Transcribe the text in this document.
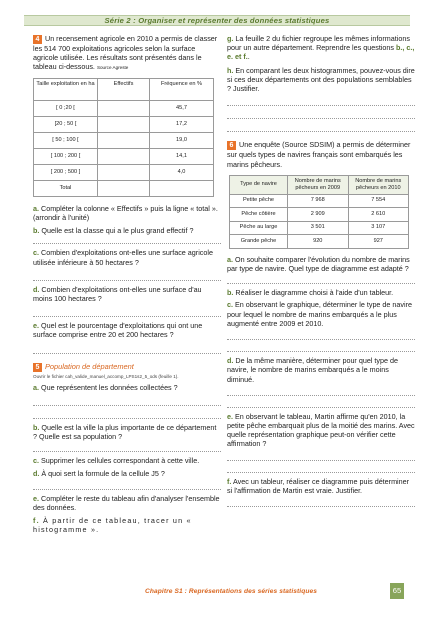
Série 2 : Organiser et représenter des données statistiques

4 Un recensement agricole en 2010 a permis de classer les 514 700 exploitations agricoles selon la surface agricole utilisée. Les résultats sont présentés dans le tableau ci-dessous. Source Agreste

Taille exploitation en ha	Effectifs	Fréquence en %
[ 0 ;20 [		45,7
[20 ; 50 [		17,2
[ 50 ; 100 [		19,0
[ 100 ; 200 [		14,1
[ 200 ; 500 ]		4,0
Total		

a. Compléter la colonne « Effectifs » puis la ligne « total ».(arrondir à l'unité)

b. Quelle est la classe qui a le plus grand effectif ?

c. Combien d'exploitations ont-elles une surface agricole utilisée inférieure à 50 hectares ?

d. Combien d'exploitations ont-elles une surface d'au moins 100 hectares ?

e. Quel est le pourcentage d'exploitations qui ont une surface comprise entre 20 et 200 hectares ?

5 Population de département

Ouvrir le fichier cah_valide_manuel_accomp_LPS1s2_5_ods (feuille 1).

a. Que représentent les données collectées ?

b. Quelle est la ville la plus importante de ce département ? Quelle est sa population ?

c. Supprimer les cellules correspondant à cette ville.

d. À quoi sert la formule de la cellule J5 ?

e. Compléter le reste du tableau afin d'analyser l'ensemble des données.

f. À partir de ce tableau, tracer un « histogramme ».

g. La feuille 2 du fichier regroupe les mêmes informations pour un autre département. Reprendre les questions b., c., e. et f..

h. En comparant les deux histogrammes, pouvez-vous dire si ces deux départements ont des populations semblables ? Justifier.

6 Une enquête (Source SDSIM) a permis de déterminer sur quels types de navires français sont embarqués les marins pêcheurs.

Type de navire	Nombre de marins pêcheurs en 2009	Nombre de marins pêcheurs en 2010
Petite pêche	7 968	7 554
Pêche côtière	2 909	2 610
Pêche au large	3 501	3 107
Grande pêche	920	927

a. On souhaite comparer l'évolution du nombre de marins par type de navire. Quel type de diagramme est adapté ?

b. Réaliser le diagramme choisi à l'aide d'un tableur.

c. En observant le graphique, déterminer le type de navire pour lequel le nombre de marins embarqués a le plus augmenté entre 2009 et 2010.

d. De la même manière, déterminer pour quel type de navire, le nombre de marins embarqués a le moins diminué.

e. En observant le tableau, Martin affirme qu'en 2010, la petite pêche embarquait plus de la moitié des marins. Avec quelle représentation graphique peut-on vérifier cette affirmation ?

f. Avec un tableur, réaliser ce diagramme puis déterminer si l'affirmation de Martin est vraie. Justifier.

Chapitre S1 : Représentations des séries statistiques	65
